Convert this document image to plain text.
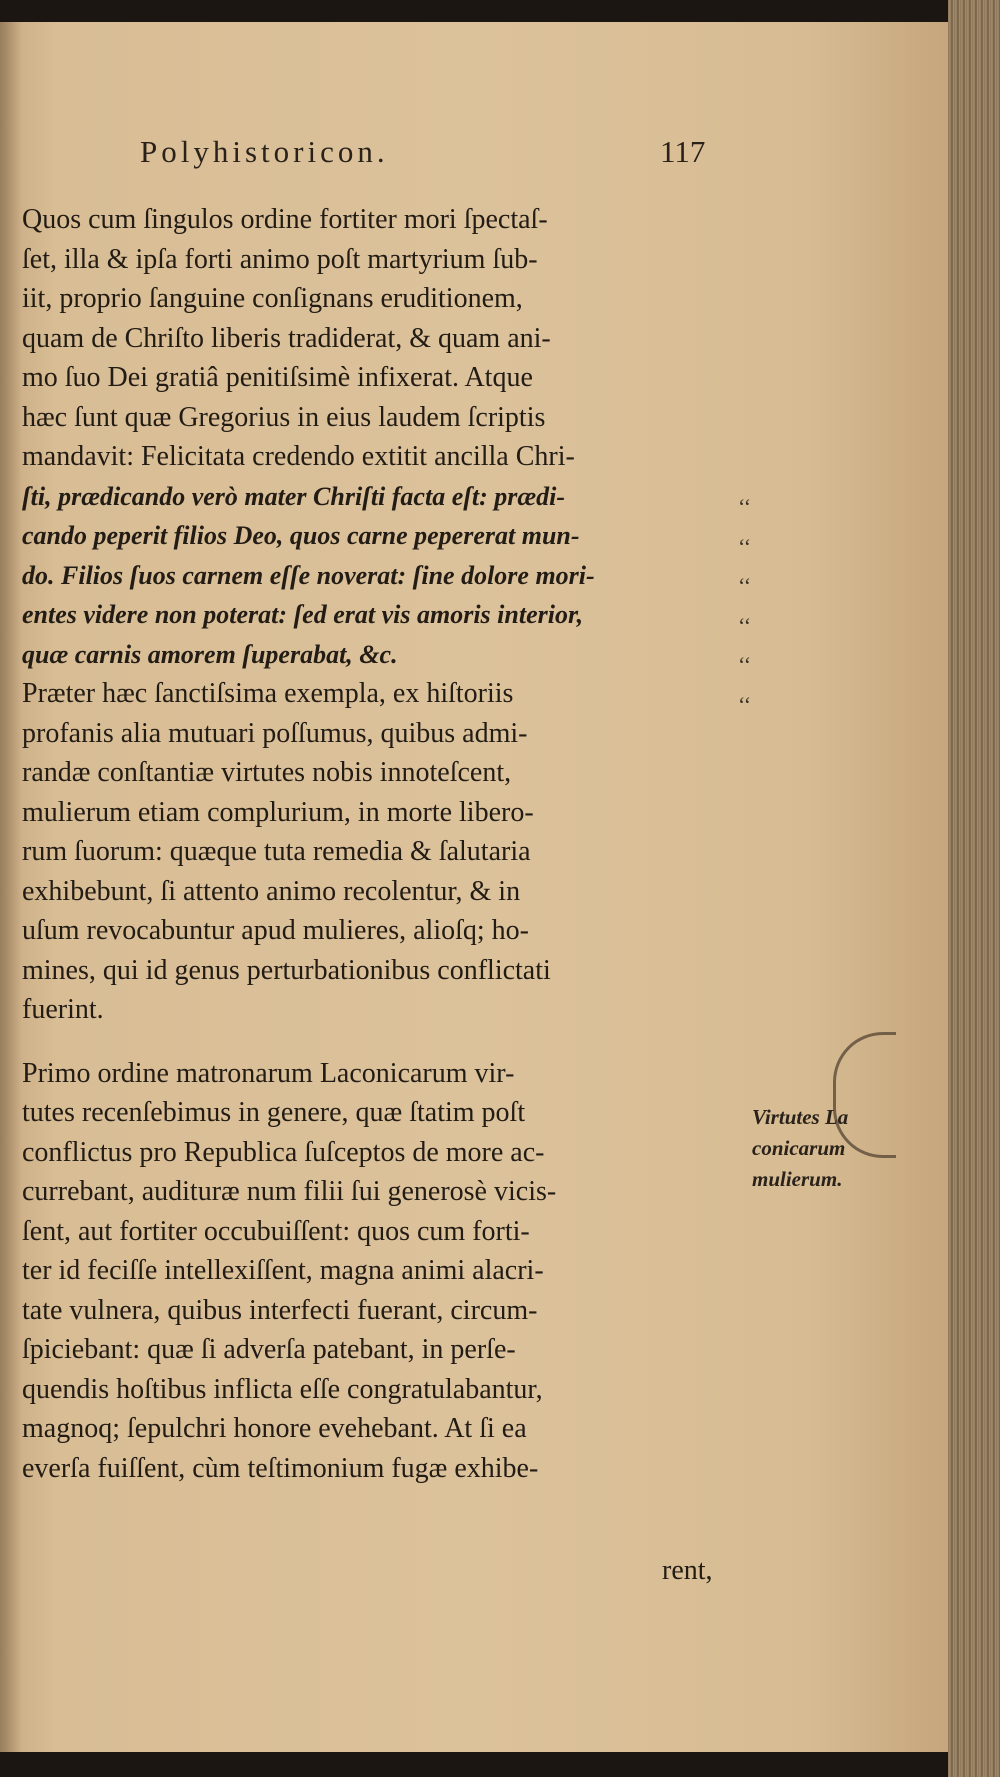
Polyhistoricon.	117
Quos cum ſingulos ordine fortiter mori ſpectaſ-
ſet, illa & ipſa forti animo poſt martyrium ſub-
iit, proprio ſanguine conſignans eruditionem,
quam de Chriſto liberis tradiderat, & quam ani-
mo ſuo Dei gratiâ penitiſsimè infixerat. Atque
hæc ſunt quæ Gregorius in eius laudem ſcriptis
mandavit: Felicitata credendo extitit ancilla Chri-
ſti, prædicando verò mater Chriſti facta eſt: prædi-
cando peperit filios Deo, quos carne pepererat mun-
do. Filios ſuos carnem eſſe noverat: ſine dolore mori-
entes videre non poterat: ſed erat vis amoris interior,
quæ carnis amorem ſuperabat, &c.
Præter hæc ſanctiſsima exempla, ex hiſtoriis
profanis alia mutuari poſſumus, quibus admi-
randæ conſtantiæ virtutes nobis innoteſcent,
mulierum etiam complurium, in morte libero-
rum ſuorum: quæque tuta remedia & ſalutaria
exhibebunt, ſi attento animo recolentur, & in
uſum revocabuntur apud mulieres, alioſq; ho-
mines, qui id genus perturbationibus conflictati
fuerint.
Primo ordine matronarum Laconicarum vir-
tutes recenſebimus in genere, quæ ſtatim poſt
conflictus pro Republica ſuſceptos de more ac-
currebant, audituræ num filii ſui generosè vicis-
ſent, aut fortiter occubuiſſent: quos cum forti-
ter id feciſſe intellexiſſent, magna animi alacri-
tate vulnera, quibus interfecti fuerant, circum-
ſpiciebant: quæ ſi adverſa patebant, in perſe-
quendis hoſtibus inflicta eſſe congratulabantur,
magnoq; ſepulchri honore evehebant. At ſi ea
everſa fuiſſent, cùm teſtimonium fugæ exhibe-
‘‘
‘‘
‘‘
‘‘
‘‘
‘‘
Virtutes La
conicarum
mulierum.
rent,
